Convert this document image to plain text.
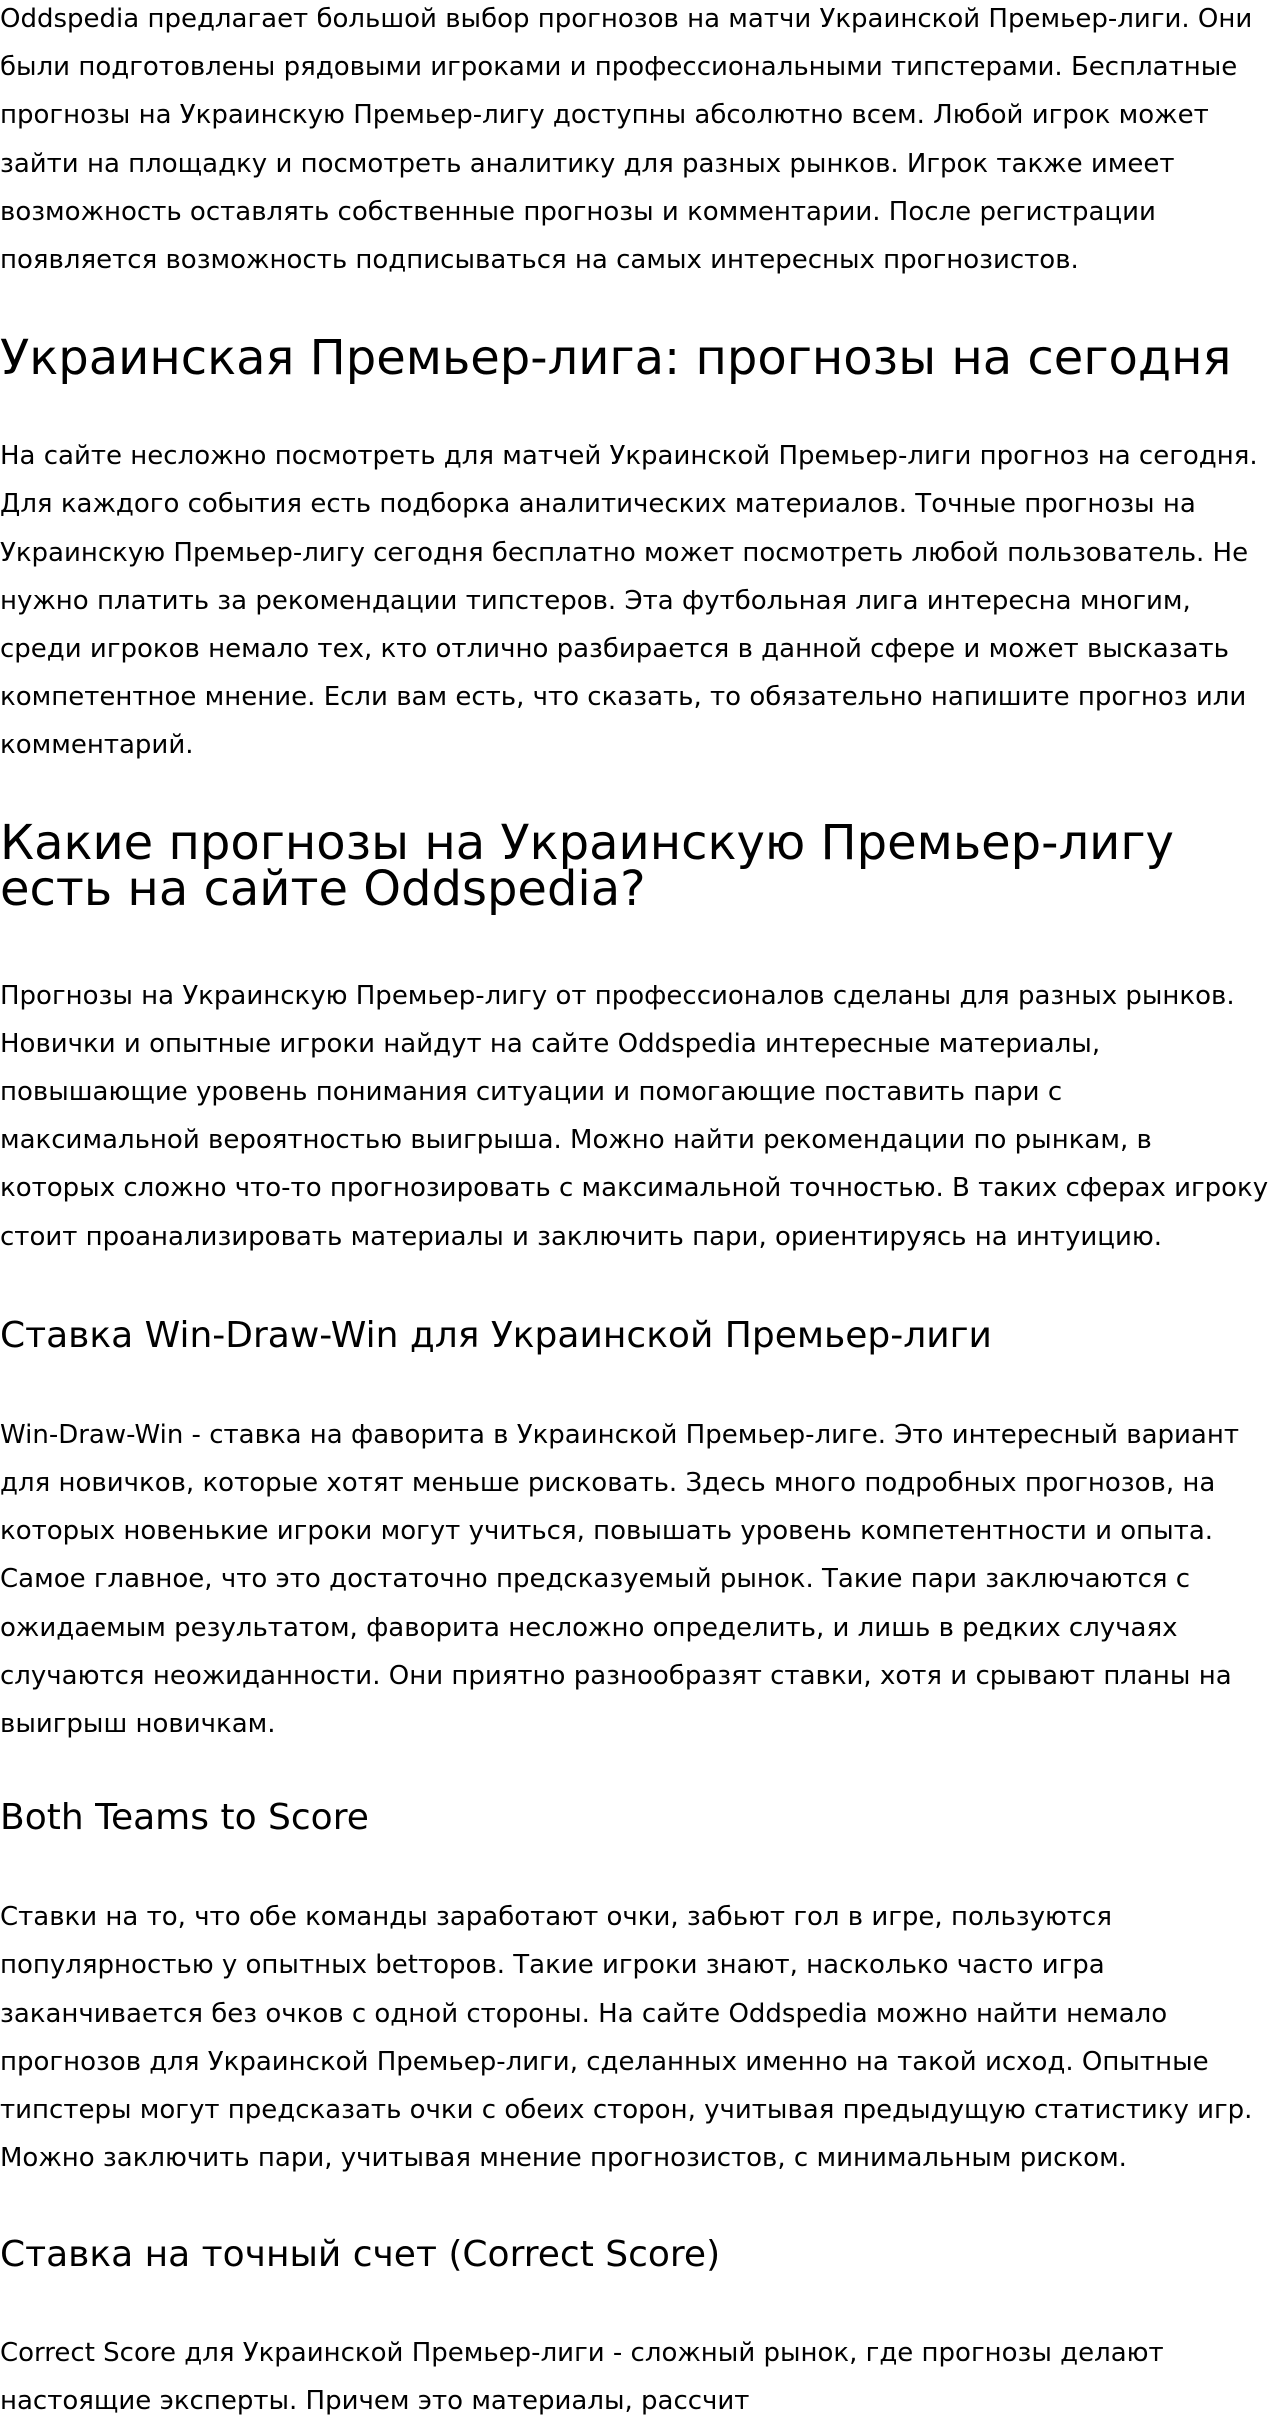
Oddspedia предлагает большой выбор прогнозов на матчи Украинской Премьер-лиги. Они были подготовлены рядовыми игроками и профессиональными типстерами. Бесплатные прогнозы на Украинскую Премьер-лигу доступны абсолютно всем. Любой игрок может зайти на площадку и посмотреть аналитику для разных рынков. Игрок также имеет возможность оставлять собственные прогнозы и комментарии. После регистрации появляется возможность подписываться на самых интересных прогнозистов.

Украинская Премьер-лига: прогнозы на сегодня

На сайте несложно посмотреть для матчей Украинской Премьер-лиги прогноз на сегодня. Для каждого события есть подборка аналитических материалов. Точные прогнозы на Украинскую Премьер-лигу сегодня бесплатно может посмотреть любой пользователь. Не нужно платить за рекомендации типстеров. Эта футбольная лига интересна многим, среди игроков немало тех, кто отлично разбирается в данной сфере и может высказать компетентное мнение. Если вам есть, что сказать, то обязательно напишите прогноз или комментарий.

Какие прогнозы на Украинскую Премьер-лигу есть на сайте Oddspedia?

Прогнозы на Украинскую Премьер-лигу от профессионалов сделаны для разных рынков. Новички и опытные игроки найдут на сайте Oddspedia интересные материалы, повышающие уровень понимания ситуации и помогающие поставить пари с максимальной вероятностью выигрыша. Можно найти рекомендации по рынкам, в которых сложно что-то прогнозировать с максимальной точностью. В таких сферах игроку стоит проанализировать материалы и заключить пари, ориентируясь на интуицию.

Ставка Win-Draw-Win для Украинской Премьер-лиги

Win-Draw-Win - ставка на фаворита в Украинской Премьер-лиге. Это интересный вариант для новичков, которые хотят меньше рисковать. Здесь много подробных прогнозов, на которых новенькие игроки могут учиться, повышать уровень компетентности и опыта. Самое главное, что это достаточно предсказуемый рынок. Такие пари заключаются с ожидаемым результатом, фаворита несложно определить, и лишь в редких случаях случаются неожиданности. Они приятно разнообразят ставки, хотя и срывают планы на выигрыш новичкам.

Both Teams to Score

Ставки на то, что обе команды заработают очки, забьют гол в игре, пользуются популярностью у опытных betторов. Такие игроки знают, насколько часто игра заканчивается без очков с одной стороны. На сайте Oddspedia можно найти немало прогнозов для Украинской Премьер-лиги, сделанных именно на такой исход. Опытные типстеры могут предсказать очки с обеих сторон, учитывая предыдущую статистику игр. Можно заключить пари, учитывая мнение прогнозистов, с минимальным риском.

Ставка на точный счет (Correct Score)

Correct Score для Украинской Премьер-лиги - сложный рынок, где прогнозы делают настоящие эксперты. Причем это материалы, рассчит
